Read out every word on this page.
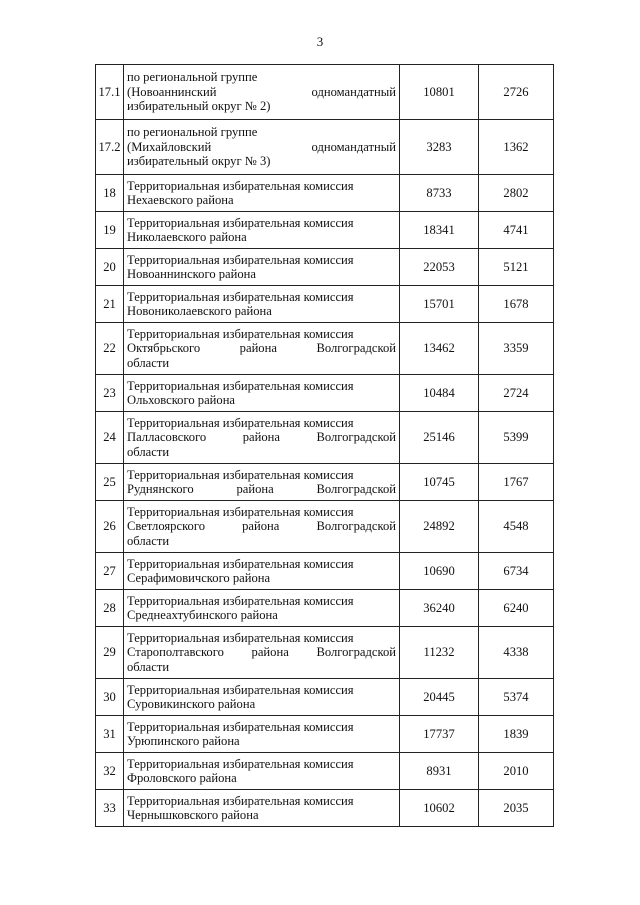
3
17.1	по региональной группе
(Новоаннинский одномандатный
избирательный округ № 2)	10801	2726
17.2	по региональной группе
(Михайловский одномандатный
избирательный округ № 3)	3283	1362
18	Территориальная избирательная комиссия
Нехаевского района	8733	2802
19	Территориальная избирательная комиссия
Николаевского района	18341	4741
20	Территориальная избирательная комиссия
Новоаннинского района	22053	5121
21	Территориальная избирательная комиссия
Новониколаевского района	15701	1678
22	Территориальная избирательная комиссия
Октябрьского района Волгоградской
области	13462	3359
23	Территориальная избирательная комиссия
Ольховского района	10484	2724
24	Территориальная избирательная комиссия
Палласовского района Волгоградской
области	25146	5399
25	Территориальная избирательная комиссия
Руднянского района Волгоградской	10745	1767
26	Территориальная избирательная комиссия
Светлоярского района Волгоградской
области	24892	4548
27	Территориальная избирательная комиссия
Серафимовичского района	10690	6734
28	Территориальная избирательная комиссия
Среднеахтубинского района	36240	6240
29	Территориальная избирательная комиссия
Старополтавского района Волгоградской
области	11232	4338
30	Территориальная избирательная комиссия
Суровикинского района	20445	5374
31	Территориальная избирательная комиссия
Урюпинского района	17737	1839
32	Территориальная избирательная комиссия
Фроловского района	8931	2010
33	Территориальная избирательная комиссия
Чернышковского района	10602	2035
